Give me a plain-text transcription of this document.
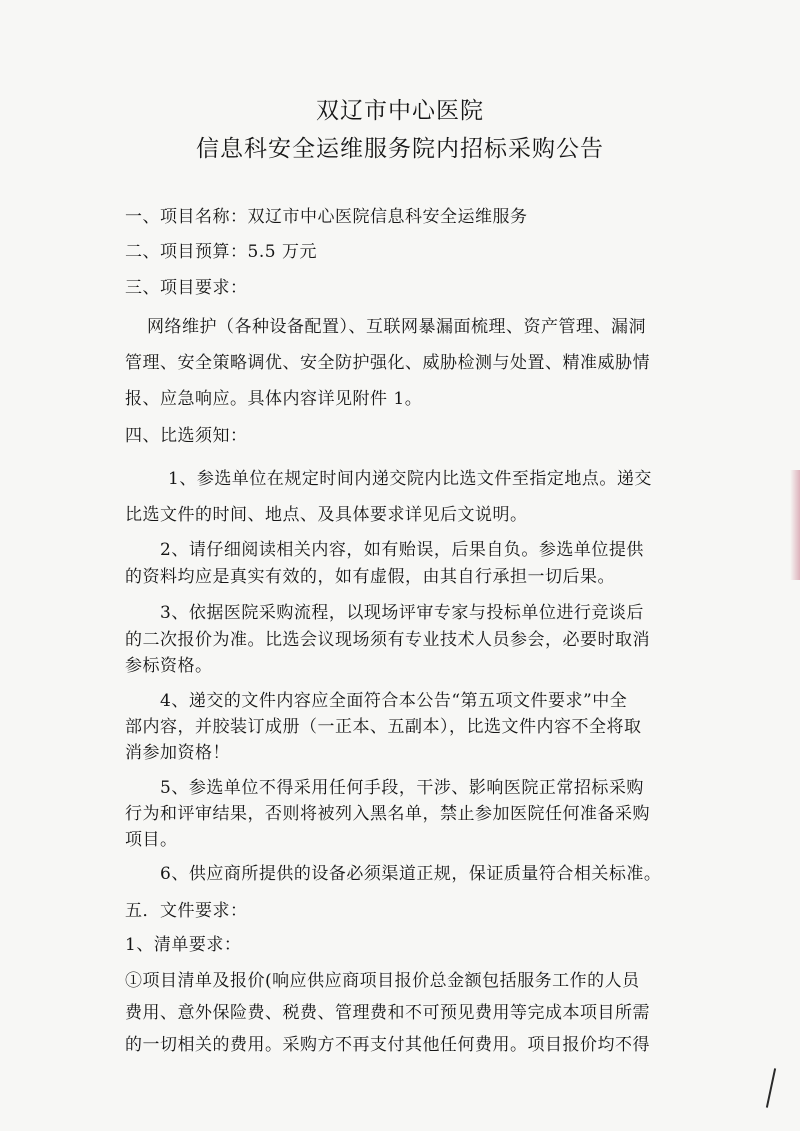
双辽市中心医院
信息科安全运维服务院内招标采购公告
一、项目名称：双辽市中心医院信息科安全运维服务
二、项目预算：5.5 万元
三、项目要求：
网络维护（各种设备配置）、互联网暴漏面梳理、资产管理、漏洞
管理、安全策略调优、安全防护强化、威胁检测与处置、精准威胁情
报、应急响应。具体内容详见附件 1。
四、比选须知：
1、参选单位在规定时间内递交院内比选文件至指定地点。递交
比选文件的时间、地点、及具体要求详见后文说明。
2、请仔细阅读相关内容，如有贻误，后果自负。参选单位提供
的资料均应是真实有效的，如有虚假，由其自行承担一切后果。
3、依据医院采购流程，以现场评审专家与投标单位进行竞谈后
的二次报价为准。比选会议现场须有专业技术人员参会，必要时取消
参标资格。
4、递交的文件内容应全面符合本公告“第五项文件要求”中全
部内容，并胶装订成册（一正本、五副本），比选文件内容不全将取
消参加资格！
5、参选单位不得采用任何手段，干涉、影响医院正常招标采购
行为和评审结果，否则将被列入黑名单，禁止参加医院任何准备采购
项目。
6、供应商所提供的设备必须渠道正规，保证质量符合相关标准。
五．文件要求：
1、清单要求：
①项目清单及报价(响应供应商项目报价总金额包括服务工作的人员
费用、意外保险费、税费、管理费和不可预见费用等完成本项目所需
的一切相关的费用。采购方不再支付其他任何费用。项目报价均不得
